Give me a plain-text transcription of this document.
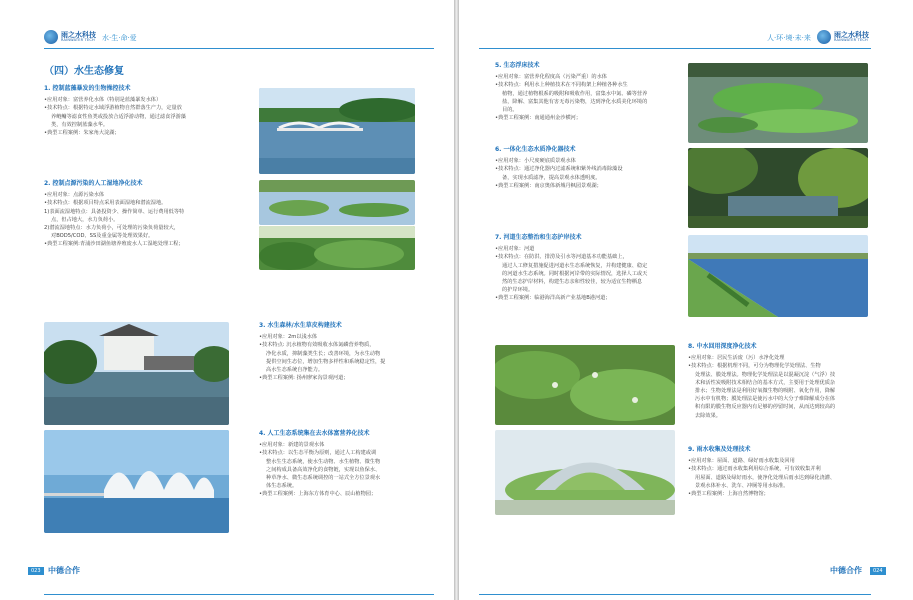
雨之水科技
RAINWATER TECH 水·生·命·爱
（四）水生态修复
1. 控制蓝藻暴发的生物操控技术
•应用对象：富营养化水体（特别是蓝藻暴发水体）
•技术特点：根据特定水域浮游植物自然群落生产力，定量放
养鲢鳙等滤食性鱼类或投放合适浮游动物，通过滤食浮游藻
类，有效控制蓝藻水华。
•典型工程案例：朱家角大淀湖；
2. 控制点源污染的人工湿地净化技术
•应用对象：点源污染水体
•技术特点：根据项目特点采用表面湿地和潜流湿地。
1)表面流湿地特点：具备投资少、操作简单、运行费用低等特
点，但占地大，水力负荷小。
2)潜流湿地特点：水力负荷小，可处理的污染负荷量较大，
对BOD5/COD、SS及重金属等处理效果好。
•典型工程案例:青浦沙田湖鱼塘养殖废水人工湿地处理工程；
3. 水生森林/水生草皮构建技术
•应用对象：2m以浅水体
•技术特点: 沉水植物有效吸收水体氮磷营养物质，
净化水质，抑制藻类生长；改善环境，为水生动物
提供空间生态位，增加生物多样性和系统稳定性，提
高水生态系统自净能力。
•典型工程案例: 扬州廖家沟景观河道；
4. 人工生态系统集在去水体富营养化技术
•应用对象：新建的景观水体
•技术特点：以生态平衡为原则，通过人工构建或调
整水生生态系统，使水生动物、水生植物、微生物
之间构成具备高效净化的食物链，实现以鱼保水、
种草净水、微生态系统调控的一站式全方位景观水
体生态系统。
•典型工程案例：上海东方体育中心、辰山植物园；
023 中德合作
人·环·境·未·来	雨之水科技
RAINWATER TECH
5. 生态浮床技术
•应用对象：富营养化程度高（污染严重）的水体
•技术特点：利用水上种植技术在不同构架上种植各种水生
植物，通过植物根系的吸附和吸收作用，富集水中氮、磷等营养
盐，降解、富集其他有害无毒污染物，达到净化水质美化环境的
目的。
•典型工程案例：南通通州金沙横河；
6. 一体化生态水质净化器技术
•应用对象：小尺度硬底质景观水体
•技术特点：通过净化器内过滤系统和紫外线消毒除藻设
备，实现水质滤净，提高景观水体透明度。
•典型工程案例：南京奥体新城丹枫园景观湖；
7. 河道生态整治和生态护岸技术
•应用对象：河道
•技术特点：在防洪、排涝及引水等河道基本功能基础上，
通过人工修复措施促进河道水生态系统恢复，并构建健康、稳定
的河道水生态系统。同时根据河岸带的实际情况，选择人工或天
然的生态护岸材料，构建生态亲和性较佳，较为适宜生物栖息
的护岸环境。
•典型工程案例：临港海洋高新产业基地B港河道；
8. 中水回用深度净化技术
•应用对象：居民生活废（污）水净化处理
•技术特点：根据机理不同，可分为物理化学处理法、生物
处理法、膜处理法。物理化学处理法是以混凝沉淀（气浮）技
术和活性炭吸附技术相结合的基本方式，主要用于处理优质杂
排水；生物处理法是利用好氧微生物的吸附、氧化作用，降解
污水中有机物；膜处理法是使污水中的大分子难降解成分在体
积有限的膜生物反应器内有足够的停留时间，从而达到较高的
去除效果。
9. 雨水收集及处理技术
•应用对象：屋面、道路、绿好雨水收集及回用
•技术特点：通过雨水收集利用综合系统，可有效收集并利
用屋面、道路及绿好雨水，使净化处理后雨水达到绿化浇灌、
景观水体补水、洗车、冲厕等用水标准。
•典型工程案例：上海自然博物馆；
中德合作	024
